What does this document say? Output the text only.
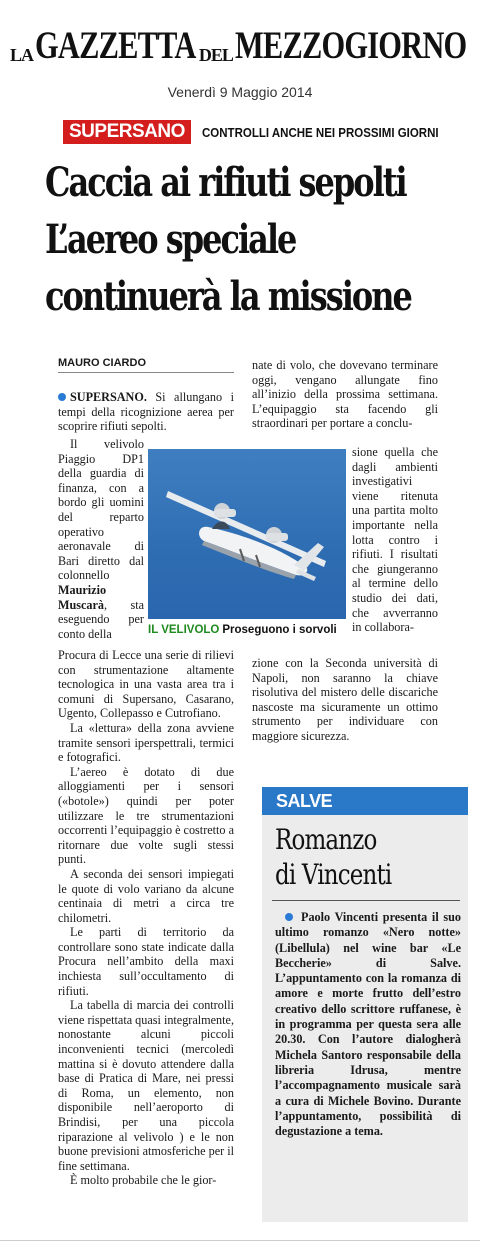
LA GAZZETTA DEL MEZZOGIORNO
Venerdì 9 Maggio 2014
SUPERSANO	CONTROLLI ANCHE NEI PROSSIMI GIORNI
Caccia ai rifiuti sepolti
L’aereo speciale
continuerà la missione
MAURO CIARDO

SUPERSANO. Si allungano i tempi della ricognizione aerea per scoprire rifiuti sepolti.

Il velivolo Piaggio DP1 della guardia di finanza, con a bordo gli uomini del reparto operativo aeronavale di Bari diretto dal colonnello Maurizio Muscarà, sta eseguendo per conto della	IL VELIVOLO Proseguono i sorvoli

Procura di Lecce una serie di rilievi con strumentazione altamente tecnologica in una vasta area tra i comuni di Supersano, Casarano, Ugento, Collepasso e Cutrofiano.

La «lettura» della zona avviene tramite sensori iperspettrali, termici e fotografici.

L’aereo è dotato di due alloggiamenti per i sensori («botole») quindi per poter utilizzare le tre strumentazioni occorrenti l’equipaggio è costretto a ritornare due volte sugli stessi punti.

A seconda dei sensori impiegati le quote di volo variano da alcune centinaia di metri a circa tre chilometri.

Le parti di territorio da controllare sono state indicate dalla Procura nell’ambito della maxi inchiesta sull’occultamento di rifiuti.

La tabella di marcia dei controlli viene rispettata quasi integralmente, nonostante alcuni piccoli inconvenienti tecnici (mercoledì mattina si è dovuto attendere dalla base di Pratica di Mare, nei pressi di Roma, un elemento, non disponibile nell’aeroporto di Brindisi, per una piccola riparazione al velivolo ) e le non buone previsioni atmosferiche per il fine settimana.

È molto probabile che le gior-

nate di volo, che dovevano terminare oggi, vengano allungate fino all’inizio della prossima settimana. L’equipaggio sta facendo gli straordinari per portare a conclu-

sione quella che dagli ambienti investigativi viene ritenuta una partita molto importante nella lotta contro i rifiuti. I risultati che giungeranno al termine dello studio dei dati, che avverranno in collabora-

zione con la Seconda università di Napoli, non saranno la chiave risolutiva del mistero delle discariche nascoste ma sicuramente un ottimo strumento per individuare con maggiore sicurezza.

SALVE
Romanzo
di Vincenti

Paolo Vincenti presenta il suo ultimo romanzo «Nero notte» (Libellula) nel wine bar «Le Beccherie» di Salve. L’appuntamento con la romanza di amore e morte frutto dell’estro creativo dello scrittore ruffanese, è in programma per questa sera alle 20.30. Con l’autore dialogherà Michela Santoro responsabile della libreria Idrusa, mentre l’accompagnamento musicale sarà a cura di Michele Bovino. Durante l’appuntamento, possibilità di degustazione a tema.
